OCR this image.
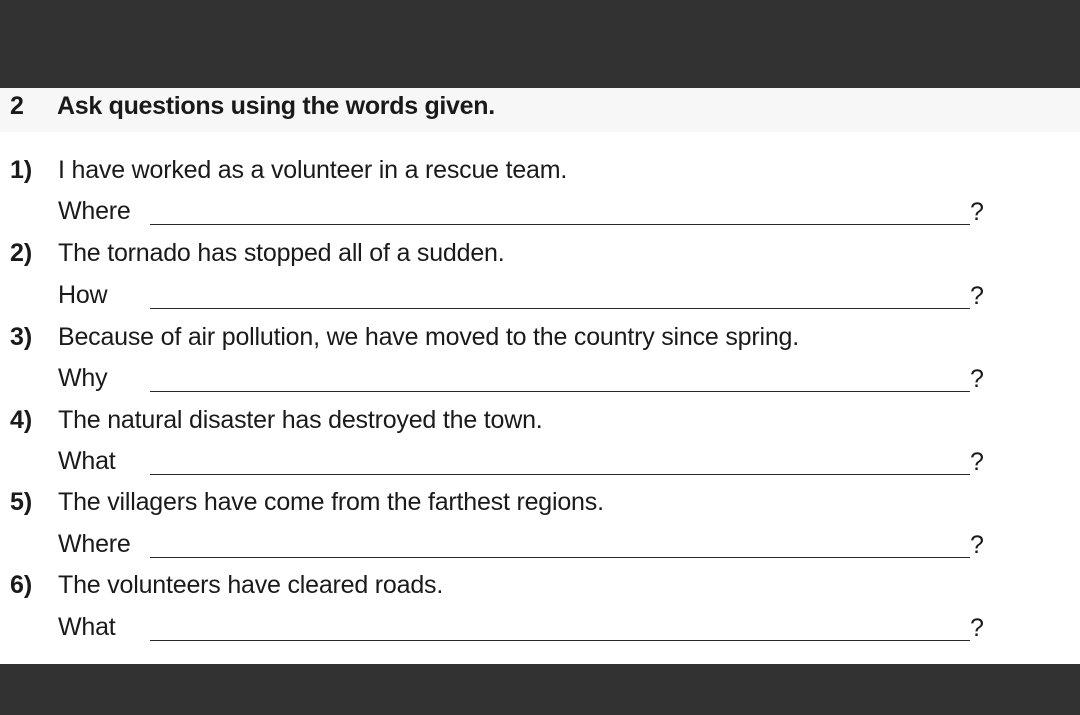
2 Ask questions using the words given.
1) I have worked as a volunteer in a rescue team.
Where	?
2) The tornado has stopped all of a sudden.
How	?
3) Because of air pollution, we have moved to the country since spring.
Why	?
4) The natural disaster has destroyed the town.
What	?
5) The villagers have come from the farthest regions.
Where	?
6) The volunteers have cleared roads.
What	?
